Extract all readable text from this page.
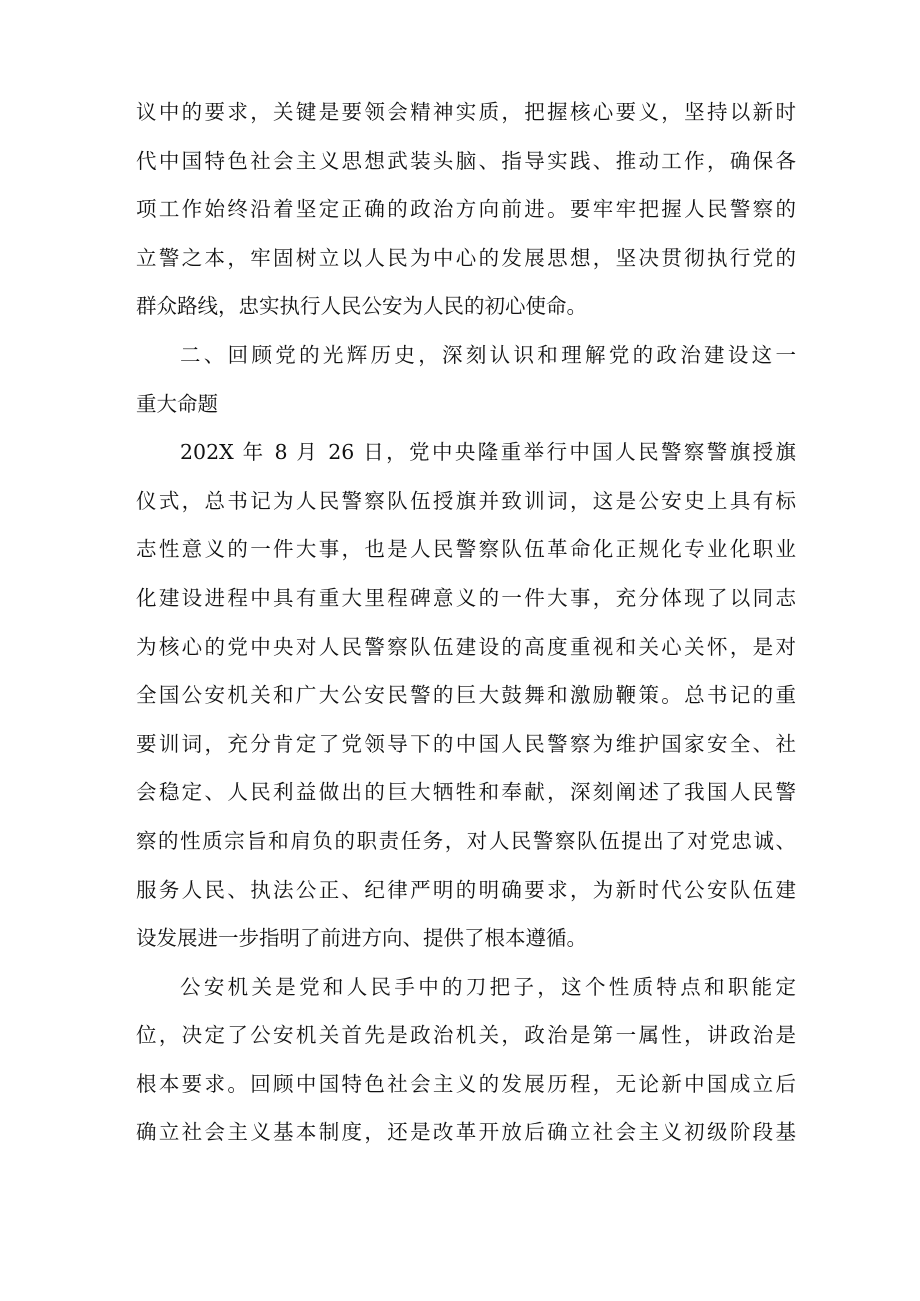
议中的要求，关键是要领会精神实质，把握核心要义，坚持以新时
代中国特色社会主义思想武装头脑、指导实践、推动工作，确保各
项工作始终沿着坚定正确的政治方向前进。要牢牢把握人民警察的
立警之本，牢固树立以人民为中心的发展思想，坚决贯彻执行党的
群众路线，忠实执行人民公安为人民的初心使命。
二、回顾党的光辉历史，深刻认识和理解党的政治建设这一
重大命题
202X 年 8 月 26 日，党中央隆重举行中国人民警察警旗授旗
仪式，总书记为人民警察队伍授旗并致训词，这是公安史上具有标
志性意义的一件大事，也是人民警察队伍革命化正规化专业化职业
化建设进程中具有重大里程碑意义的一件大事，充分体现了以同志
为核心的党中央对人民警察队伍建设的高度重视和关心关怀，是对
全国公安机关和广大公安民警的巨大鼓舞和激励鞭策。总书记的重
要训词，充分肯定了党领导下的中国人民警察为维护国家安全、社
会稳定、人民利益做出的巨大牺牲和奉献，深刻阐述了我国人民警
察的性质宗旨和肩负的职责任务，对人民警察队伍提出了对党忠诚、
服务人民、执法公正、纪律严明的明确要求，为新时代公安队伍建
设发展进一步指明了前进方向、提供了根本遵循。
公安机关是党和人民手中的刀把子，这个性质特点和职能定
位，决定了公安机关首先是政治机关，政治是第一属性，讲政治是
根本要求。回顾中国特色社会主义的发展历程，无论新中国成立后
确立社会主义基本制度，还是改革开放后确立社会主义初级阶段基
